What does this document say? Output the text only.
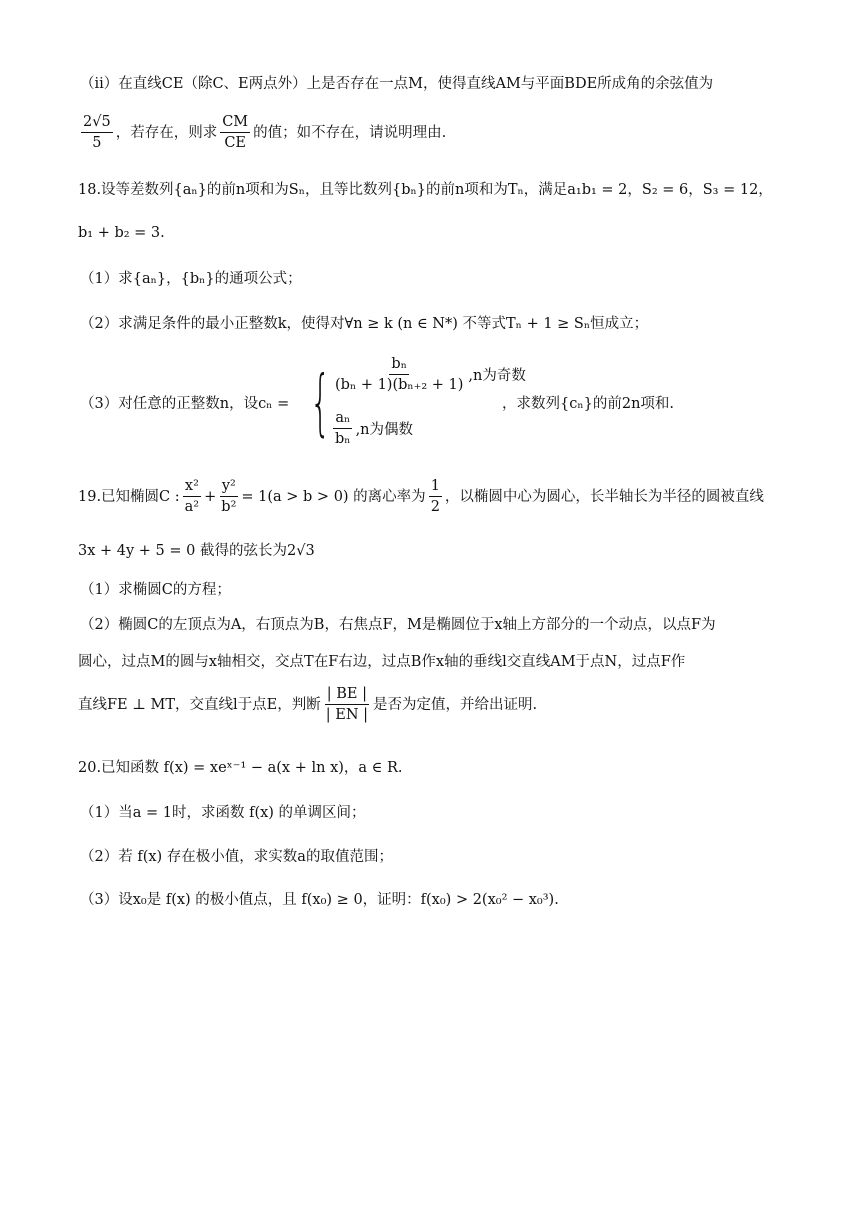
（ⅱ）在直线CE（除C、E两点外）上是否存在一点M，使得直线AM与平面BDE所成角的余弦值为
$\frac{2√5}{5}$ ，若存在，则求 $\frac{CM}{CE}$ 的值；如不存在，请说明理由.
18.设等差数列{aₙ}的前n项和为Sₙ，且等比数列{bₙ}的前n项和为Tₙ，满足a₁b₁ = 2，S₂ = 6，S₃ = 12，
b₁ + b₂ = 3.
（1）求{aₙ}，{bₙ}的通项公式；
（2）求满足条件的最小正整数k，使得对∀n ≥ k (n ∈ N*) 不等式Tₙ + 1 ≥ Sₙ恒成立；
（3）对任意的正整数n，设cₙ = { $\frac{\text{bₙ}}{\text{(bₙ + 1)(bₙ₊₂ + 1)}} ,n$为奇数
$\frac{\text{aₙ}}{\text{bₙ}} ,n$为偶数
，求数列{cₙ}的前2n项和.
19.已知椭圆C : $\frac{\text{x²}}{\text{a²}} + \frac{\text{y²}}{\text{b²}} = 1(a > b > 0)$ 的离心率为 $\frac{1}{2}$ ，以椭圆中心为圆心，长半轴长为半径的圆被直线
3x + 4y + 5 = 0 截得的弦长为2√3
（1）求椭圆C的方程；
（2）椭圆C的左顶点为A，右顶点为B，右焦点F，M是椭圆位于x轴上方部分的一个动点，以点F为
圆心，过点M的圆与x轴相交，交点T在F右边，过点B作x轴的垂线l交直线AM于点N，过点F作
直线FE ⊥ MT，交直线l于点E，判断 $\frac{| BE |}{| EN |}$ 是否为定值，并给出证明.
20.已知函数 f(x) = xeˣ⁻¹ − a(x + ln x)，a ∈ R.
（1）当a = 1时，求函数 f(x) 的单调区间；
（2）若 f(x) 存在极小值，求实数a的取值范围；
（3）设x₀是 f(x) 的极小值点，且 f(x₀) ≥ 0，证明：f(x₀) > 2(x₀² − x₀³).
